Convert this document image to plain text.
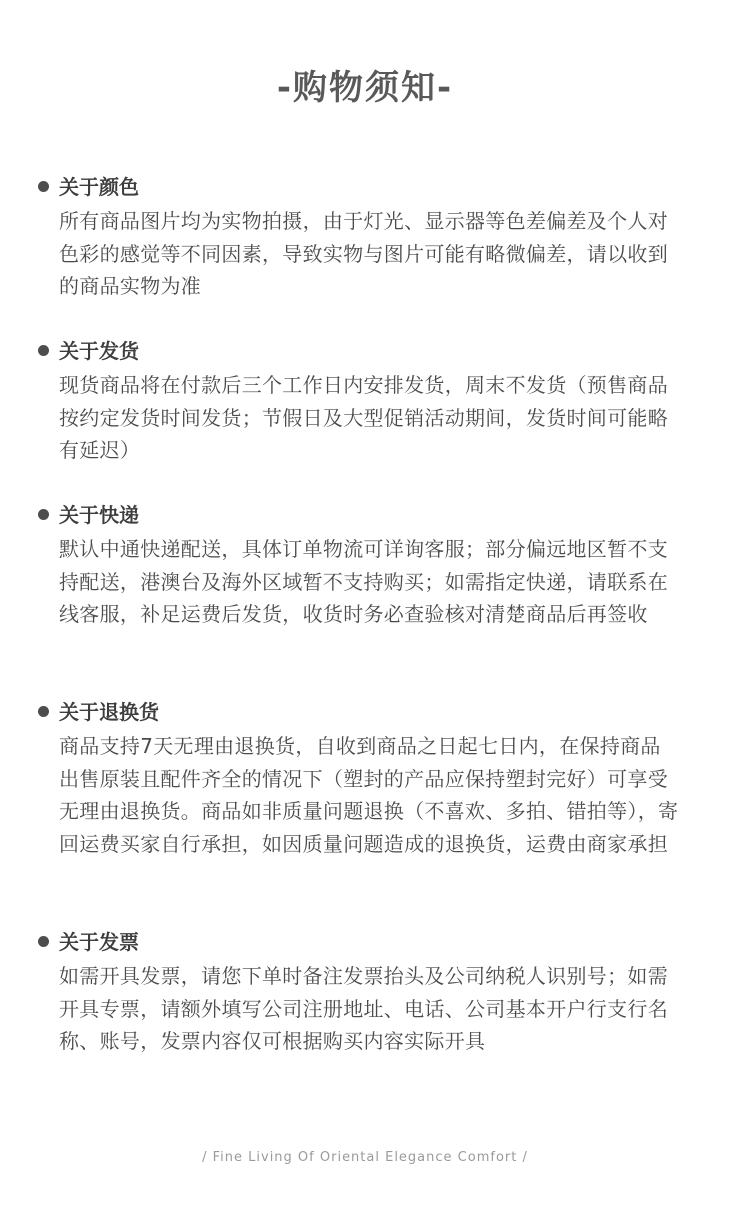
-购物须知-
关于颜色
所有商品图片均为实物拍摄，由于灯光、显示器等色差偏差及个人对色彩的感觉等不同因素，导致实物与图片可能有略微偏差，请以收到的商品实物为准
关于发货
现货商品将在付款后三个工作日内安排发货，周末不发货（预售商品按约定发货时间发货；节假日及大型促销活动期间，发货时间可能略有延迟）
关于快递
默认中通快递配送，具体订单物流可详询客服；部分偏远地区暂不支持配送，港澳台及海外区域暂不支持购买；如需指定快递，请联系在线客服，补足运费后发货，收货时务必查验核对清楚商品后再签收
关于退换货
商品支持7天无理由退换货，自收到商品之日起七日内，在保持商品出售原装且配件齐全的情况下（塑封的产品应保持塑封完好）可享受无理由退换货。商品如非质量问题退换（不喜欢、多拍、错拍等），寄回运费买家自行承担，如因质量问题造成的退换货，运费由商家承担
关于发票
如需开具发票，请您下单时备注发票抬头及公司纳税人识别号；如需开具专票，请额外填写公司注册地址、电话、公司基本开户行支行名称、账号，发票内容仅可根据购买内容实际开具
/ Fine Living Of Oriental Elegance Comfort /
